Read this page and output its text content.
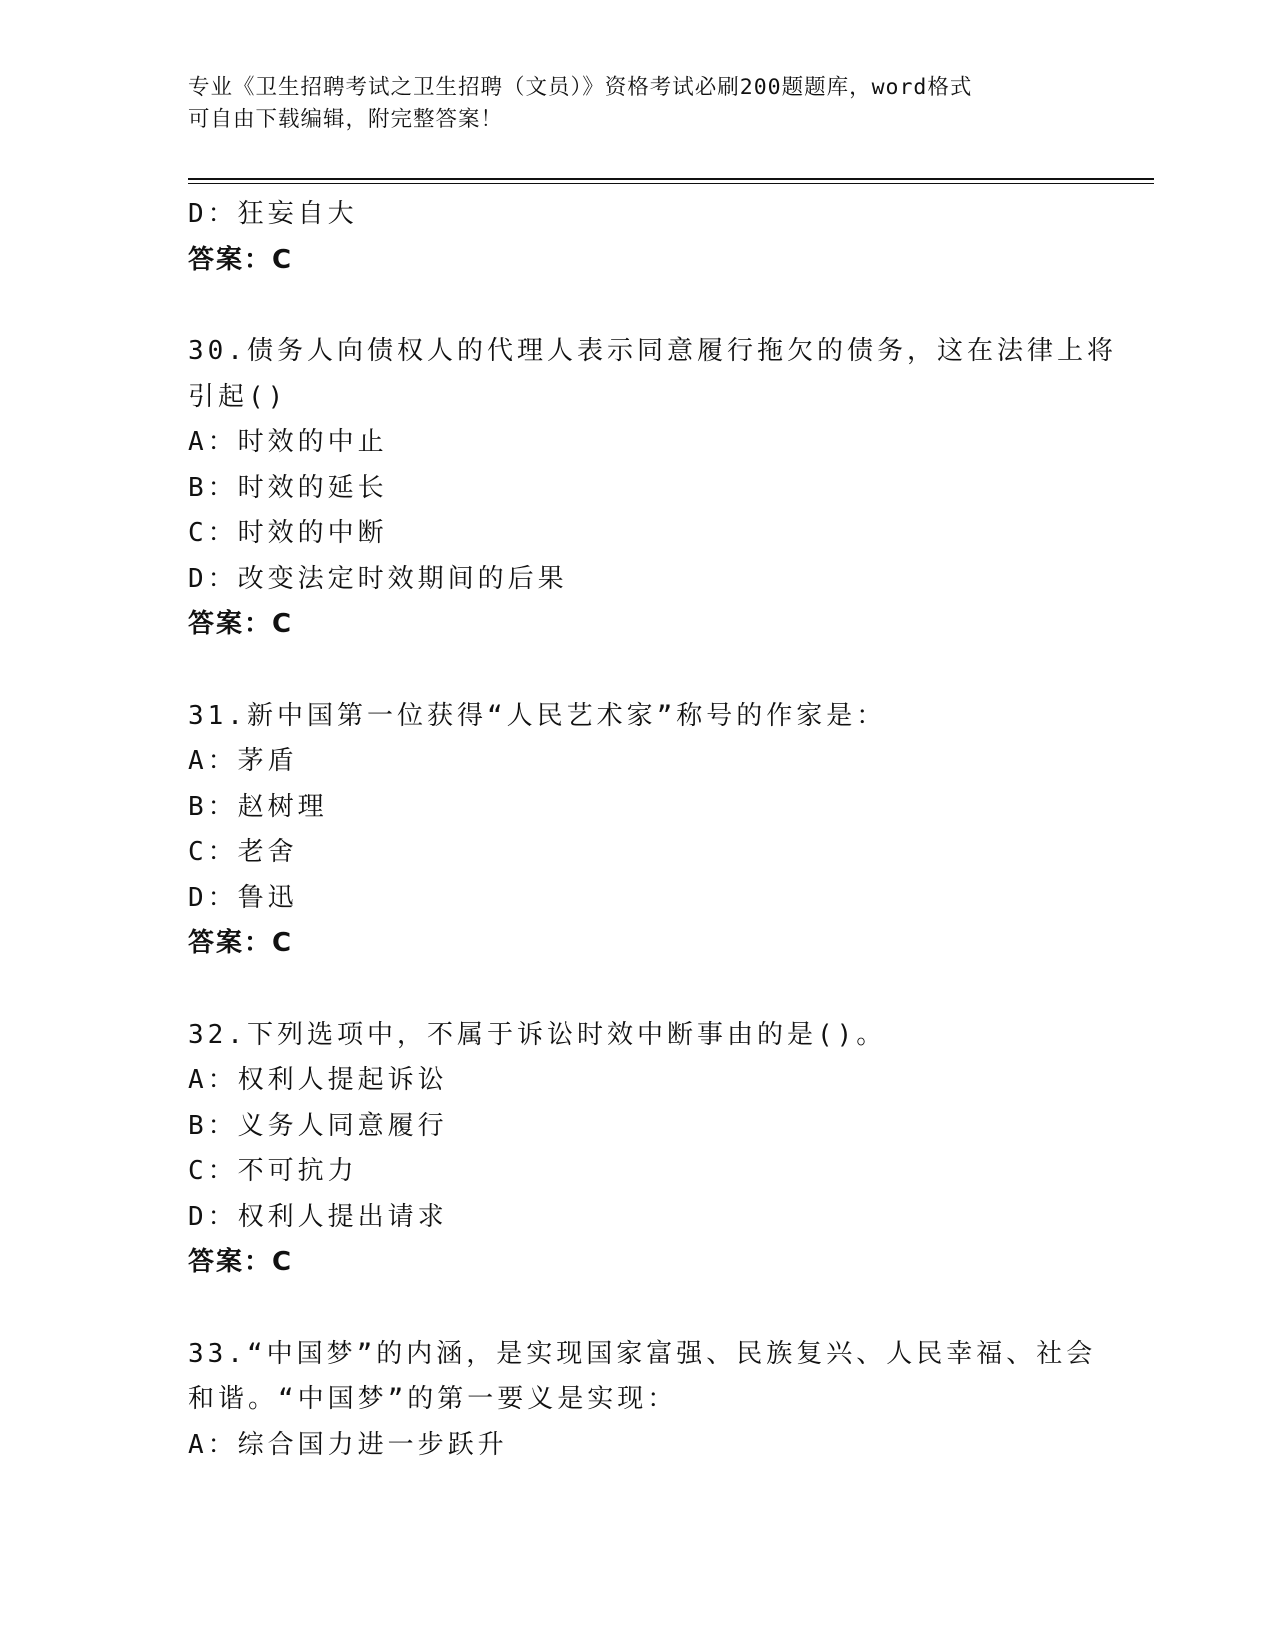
专业《卫生招聘考试之卫生招聘（文员）》资格考试必刷200题题库，word格式
可自由下载编辑，附完整答案！
D：狂妄自大
答案：C
30.债务人向债权人的代理人表示同意履行拖欠的债务，这在法律上将
引起()
A：时效的中止
B：时效的延长
C：时效的中断
D：改变法定时效期间的后果
答案：C
31.新中国第一位获得“人民艺术家”称号的作家是：
A：茅盾
B：赵树理
C：老舍
D：鲁迅
答案：C
32.下列选项中，不属于诉讼时效中断事由的是()。
A：权利人提起诉讼
B：义务人同意履行
C：不可抗力
D：权利人提出请求
答案：C
33.“中国梦”的内涵，是实现国家富强、民族复兴、人民幸福、社会
和谐。“中国梦”的第一要义是实现：
A：综合国力进一步跃升
